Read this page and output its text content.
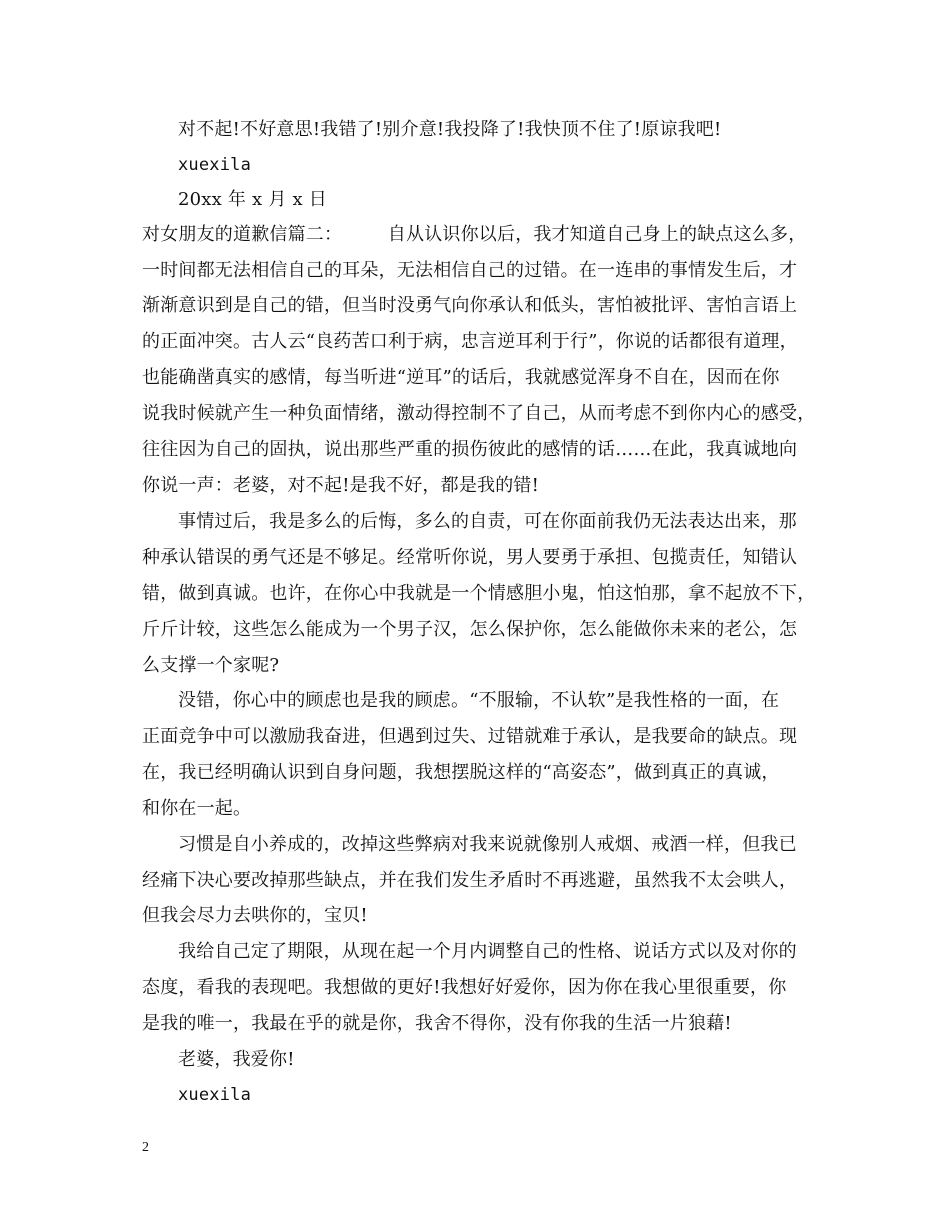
对不起!不好意思!我错了!别介意!我投降了!我快顶不住了!原谅我吧!
xuexila
20xx 年 x 月 x 日
对女朋友的道歉信篇二：　　　自从认识你以后，我才知道自己身上的缺点这么多，
一时间都无法相信自己的耳朵，无法相信自己的过错。在一连串的事情发生后，才
渐渐意识到是自己的错，但当时没勇气向你承认和低头，害怕被批评、害怕言语上
的正面冲突。古人云“良药苦口利于病，忠言逆耳利于行”，你说的话都很有道理，
也能确凿真实的感情，每当听进“逆耳”的话后，我就感觉浑身不自在，因而在你
说我时候就产生一种负面情绪，激动得控制不了自己，从而考虑不到你内心的感受，
往往因为自己的固执，说出那些严重的损伤彼此的感情的话……在此，我真诚地向
你说一声：老婆，对不起!是我不好，都是我的错!
事情过后，我是多么的后悔，多么的自责，可在你面前我仍无法表达出来，那
种承认错误的勇气还是不够足。经常听你说，男人要勇于承担、包揽责任，知错认
错，做到真诚。也许，在你心中我就是一个情感胆小鬼，怕这怕那，拿不起放不下，
斤斤计较，这些怎么能成为一个男子汉，怎么保护你，怎么能做你未来的老公，怎
么支撑一个家呢?
没错，你心中的顾虑也是我的顾虑。“不服输，不认软”是我性格的一面，在
正面竞争中可以激励我奋进，但遇到过失、过错就难于承认，是我要命的缺点。现
在，我已经明确认识到自身问题，我想摆脱这样的“高姿态”，做到真正的真诚，
和你在一起。
习惯是自小养成的，改掉这些弊病对我来说就像别人戒烟、戒酒一样，但我已
经痛下决心要改掉那些缺点，并在我们发生矛盾时不再逃避，虽然我不太会哄人，
但我会尽力去哄你的，宝贝!
我给自己定了期限，从现在起一个月内调整自己的性格、说话方式以及对你的
态度，看我的表现吧。我想做的更好!我想好好爱你，因为你在我心里很重要，你
是我的唯一，我最在乎的就是你，我舍不得你，没有你我的生活一片狼藉!
老婆，我爱你!
xuexila
2
